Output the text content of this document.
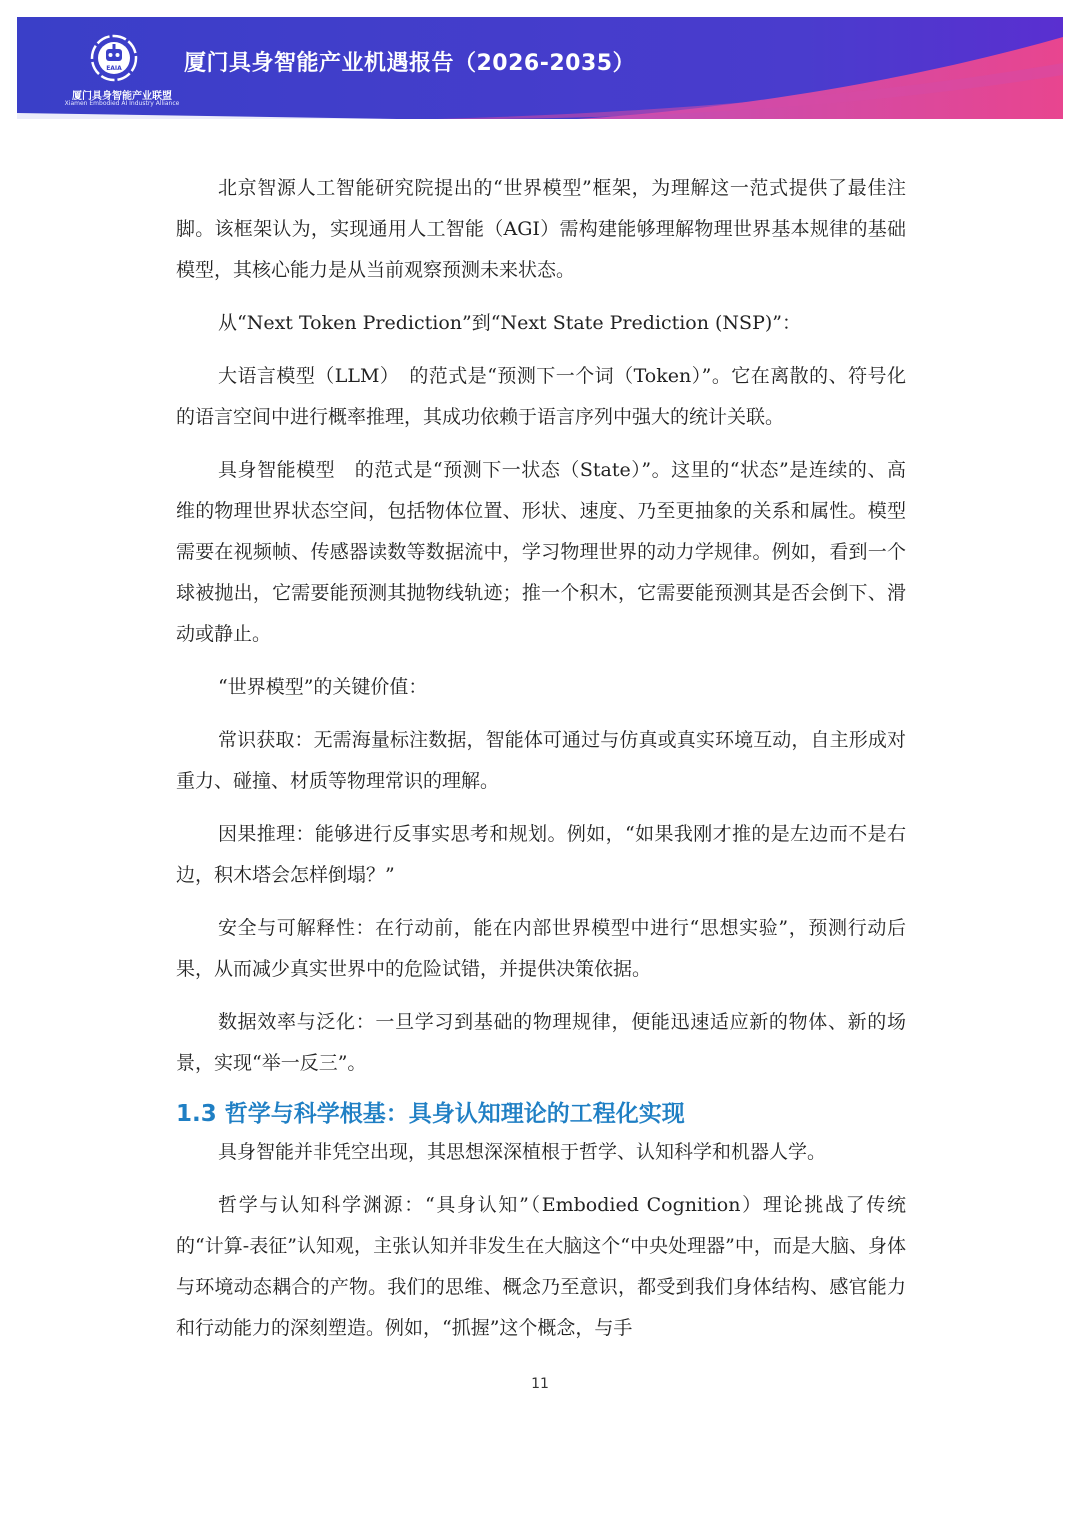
EAIA
厦门具身智能产业联盟
Xiamen Embodied AI Industry Alliance
厦门具身智能产业机遇报告（2026-2035）

北京智源人工智能研究院提出的“世界模型”框架，为理解这一范式提供了最佳注脚。该框架认为，实现通用人工智能（AGI）需构建能够理解物理世界基本规律的基础模型，其核心能力是从当前观察预测未来状态。

从“Next Token Prediction”到“Next State Prediction (NSP)”：

大语言模型（LLM）　的范式是“预测下一个词（Token）”。它在离散的、符号化的语言空间中进行概率推理，其成功依赖于语言序列中强大的统计关联。

具身智能模型　的范式是“预测下一状态（State）”。这里的“状态”是连续的、高维的物理世界状态空间，包括物体位置、形状、速度、乃至更抽象的关系和属性。模型需要在视频帧、传感器读数等数据流中，学习物理世界的动力学规律。例如，看到一个球被抛出，它需要能预测其抛物线轨迹；推一个积木，它需要能预测其是否会倒下、滑动或静止。

“世界模型”的关键价值：

常识获取：无需海量标注数据，智能体可通过与仿真或真实环境互动，自主形成对重力、碰撞、材质等物理常识的理解。

因果推理：能够进行反事实思考和规划。例如，“如果我刚才推的是左边而不是右边，积木塔会怎样倒塌？”

安全与可解释性：在行动前，能在内部世界模型中进行“思想实验”，预测行动后果，从而减少真实世界中的危险试错，并提供决策依据。

数据效率与泛化：一旦学习到基础的物理规律，便能迅速适应新的物体、新的场景，实现“举一反三”。

1.3 哲学与科学根基：具身认知理论的工程化实现

具身智能并非凭空出现，其思想深深植根于哲学、认知科学和机器人学。

哲学与认知科学渊源：“具身认知”（Embodied Cognition）理论挑战了传统的“计算-表征”认知观，主张认知并非发生在大脑这个“中央处理器”中，而是大脑、身体与环境动态耦合的产物。我们的思维、概念乃至意识，都受到我们身体结构、感官能力和行动能力的深刻塑造。例如，“抓握”这个概念，与手

11
